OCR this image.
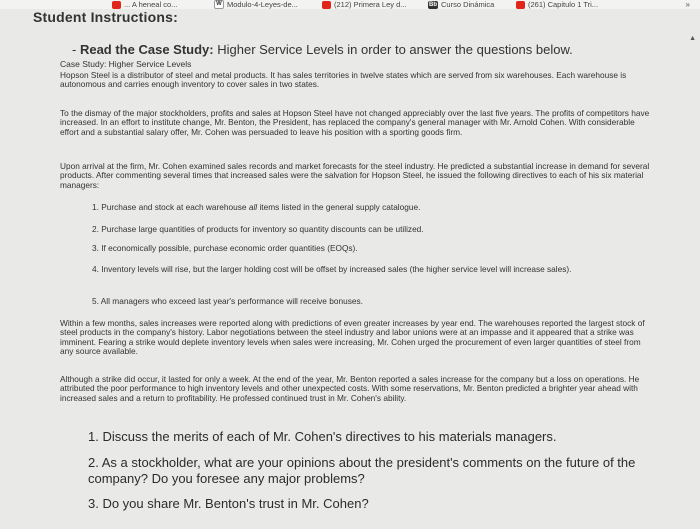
... A heneal co...	W Modulo-4-Leyes-de...	(212) Primera Ley d...	Bb Curso Dinámica	(261) Capitulo 1 Tri...	»
Student Instructions:
▲
- Read the Case Study: Higher Service Levels in order to answer the questions below.
Case Study: Higher Service Levels

Hopson Steel is a distributor of steel and metal products. It has sales territories in twelve states which are served from six warehouses. Each warehouse is autonomous and carries enough inventory to cover sales in two states.

To the dismay of the major stockholders, profits and sales at Hopson Steel have not changed appreciably over the last five years. The profits of competitors have increased. In an effort to institute change, Mr. Benton, the President, has replaced the company's general manager with Mr. Arnold Cohen. With considerable effort and a substantial salary offer, Mr. Cohen was persuaded to leave his position with a sporting goods firm.

Upon arrival at the firm, Mr. Cohen examined sales records and market forecasts for the steel industry. He predicted a substantial increase in demand for several products. After commenting several times that increased sales were the salvation for Hopson Steel, he issued the following directives to each of his six material managers:

1. Purchase and stock at each warehouse all items listed in the general supply catalogue.

2. Purchase large quantities of products for inventory so quantity discounts can be utilized.

3. If economically possible, purchase economic order quantities (EOQs).

4. Inventory levels will rise, but the larger holding cost will be offset by increased sales (the higher service level will increase sales).

5. All managers who exceed last year's performance will receive bonuses.

Within a few months, sales increases were reported along with predictions of even greater increases by year end. The warehouses reported the largest stock of steel products in the company's history. Labor negotiations between the steel industry and labor unions were at an impasse and it appeared that a strike was imminent. Fearing a strike would deplete inventory levels when sales were increasing, Mr. Cohen urged the procurement of even larger quantities of steel from any source available.

Although a strike did occur, it lasted for only a week. At the end of the year, Mr. Benton reported a sales increase for the company but a loss on operations. He attributed the poor performance to high inventory levels and other unexpected costs. With some reservations, Mr. Benton predicted a brighter year ahead with increased sales and a return to profitability. He professed continued trust in Mr. Cohen's ability.

1. Discuss the merits of each of Mr. Cohen's directives to his materials managers.

2. As a stockholder, what are your opinions about the president's comments on the future of the company? Do you foresee any major problems?

3. Do you share Mr. Benton's trust in Mr. Cohen?
